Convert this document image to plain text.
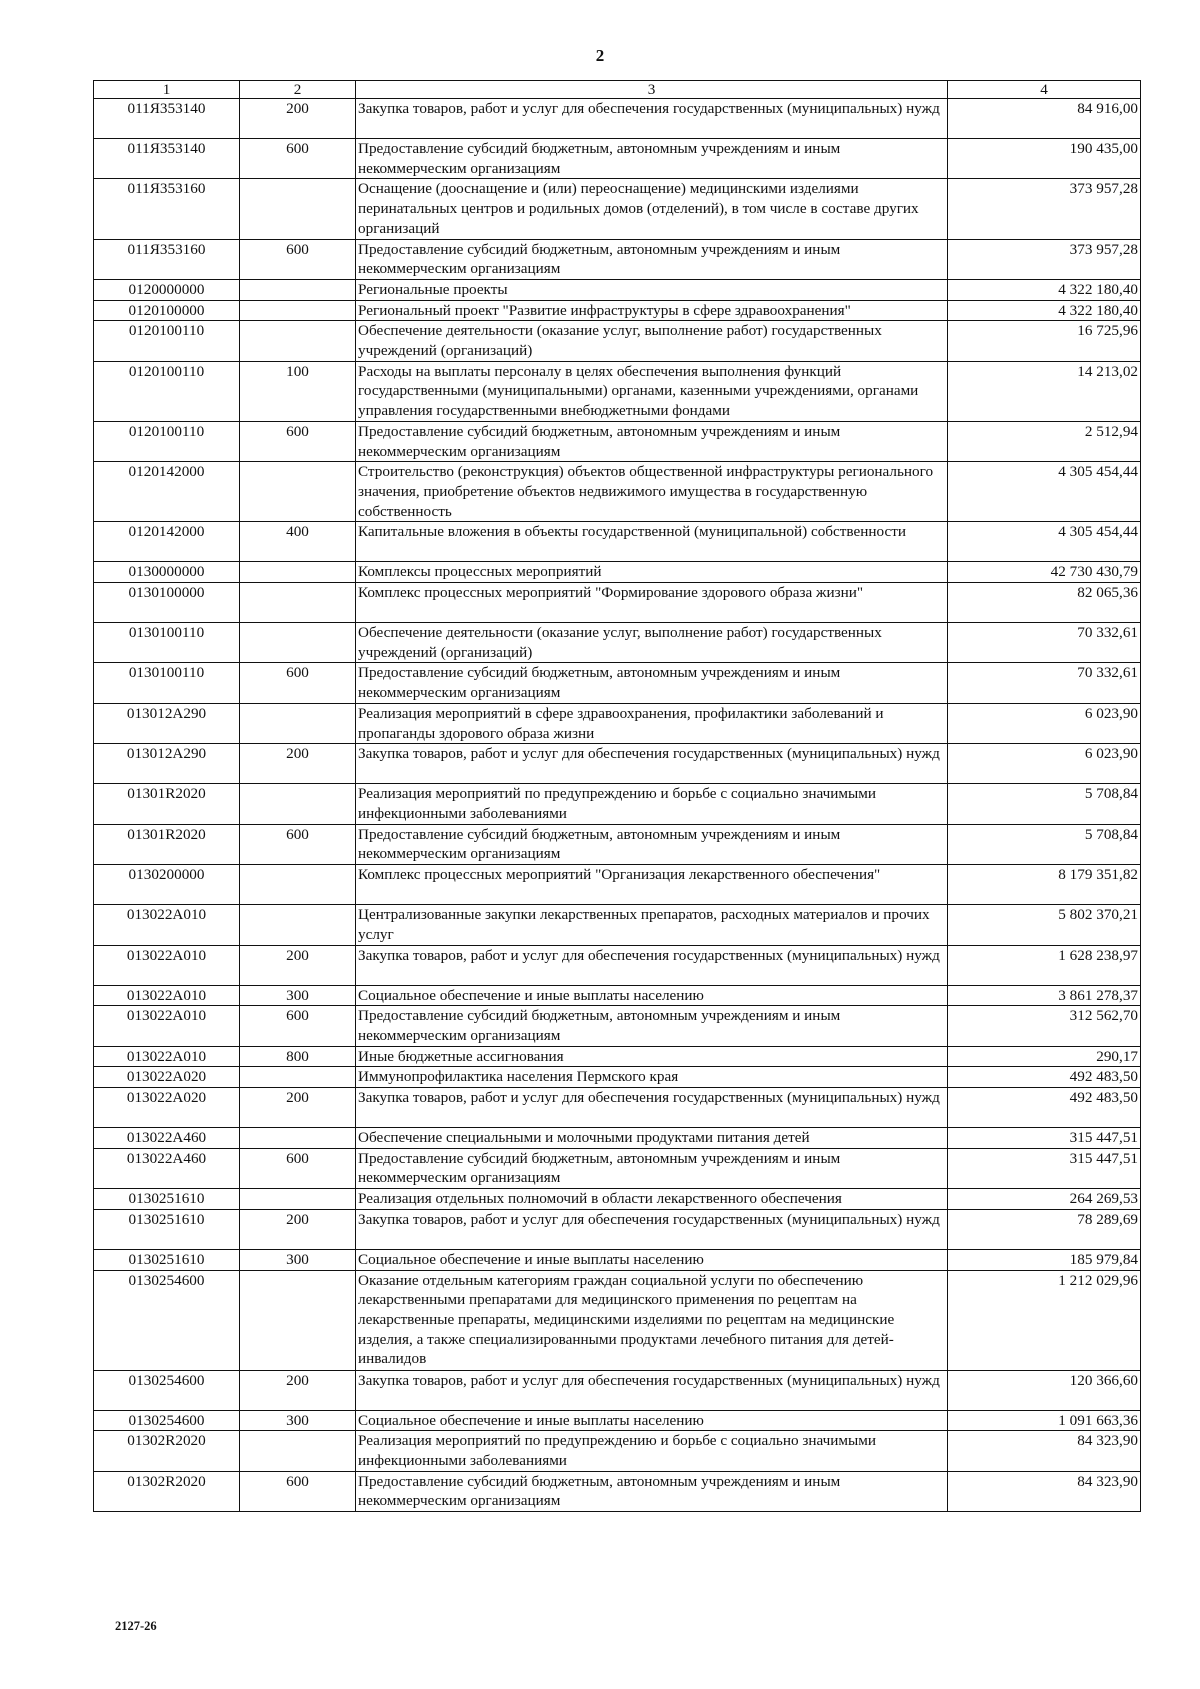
2
1	2	3	4
011Я353140	200	Закупка товаров, работ и услуг для обеспечения государственных (муниципальных) нужд	84 916,00
011Я353140	600	Предоставление субсидий бюджетным, автономным учреждениям и иным некоммерческим организациям	190 435,00
011Я353160		Оснащение (дооснащение и (или) переоснащение) медицинскими изделиями перинатальных центров и родильных домов (отделений), в том числе в составе других организаций	373 957,28
011Я353160	600	Предоставление субсидий бюджетным, автономным учреждениям и иным некоммерческим организациям	373 957,28
0120000000		Региональные проекты	4 322 180,40
0120100000		Региональный проект "Развитие инфраструктуры в сфере здравоохранения"	4 322 180,40
0120100110		Обеспечение деятельности (оказание услуг, выполнение работ) государственных учреждений (организаций)	16 725,96
0120100110	100	Расходы на выплаты персоналу в целях обеспечения выполнения функций государственными (муниципальными) органами, казенными учреждениями, органами управления государственными внебюджетными фондами	14 213,02
0120100110	600	Предоставление субсидий бюджетным, автономным учреждениям и иным некоммерческим организациям	2 512,94
0120142000		Строительство (реконструкция) объектов общественной инфраструктуры регионального значения, приобретение объектов недвижимого имущества в государственную собственность	4 305 454,44
0120142000	400	Капитальные вложения в объекты государственной (муниципальной) собственности	4 305 454,44
0130000000		Комплексы процессных мероприятий	42 730 430,79
0130100000		Комплекс процессных мероприятий "Формирование здорового образа жизни"	82 065,36
0130100110		Обеспечение деятельности (оказание услуг, выполнение работ) государственных учреждений (организаций)	70 332,61
0130100110	600	Предоставление субсидий бюджетным, автономным учреждениям и иным некоммерческим организациям	70 332,61
013012A290		Реализация мероприятий в сфере здравоохранения, профилактики заболеваний и пропаганды здорового образа жизни	6 023,90
013012A290	200	Закупка товаров, работ и услуг для обеспечения государственных (муниципальных) нужд	6 023,90
01301R2020		Реализация мероприятий по предупреждению и борьбе с социально значимыми инфекционными заболеваниями	5 708,84
01301R2020	600	Предоставление субсидий бюджетным, автономным учреждениям и иным некоммерческим организациям	5 708,84
0130200000		Комплекс процессных мероприятий "Организация лекарственного обеспечения"	8 179 351,82
013022A010		Централизованные закупки лекарственных препаратов, расходных материалов и прочих услуг	5 802 370,21
013022A010	200	Закупка товаров, работ и услуг для обеспечения государственных (муниципальных) нужд	1 628 238,97
013022A010	300	Социальное обеспечение и иные выплаты населению	3 861 278,37
013022A010	600	Предоставление субсидий бюджетным, автономным учреждениям и иным некоммерческим организациям	312 562,70
013022A010	800	Иные бюджетные ассигнования	290,17
013022A020		Иммунопрофилактика населения Пермского края	492 483,50
013022A020	200	Закупка товаров, работ и услуг для обеспечения государственных (муниципальных) нужд	492 483,50
013022A460		Обеспечение специальными и молочными продуктами питания детей	315 447,51
013022A460	600	Предоставление субсидий бюджетным, автономным учреждениям и иным некоммерческим организациям	315 447,51
0130251610		Реализация отдельных полномочий в области лекарственного обеспечения	264 269,53
0130251610	200	Закупка товаров, работ и услуг для обеспечения государственных (муниципальных) нужд	78 289,69
0130251610	300	Социальное обеспечение и иные выплаты населению	185 979,84
0130254600		Оказание отдельным категориям граждан социальной услуги по обеспечению лекарственными препаратами для медицинского применения по рецептам на лекарственные препараты, медицинскими изделиями по рецептам на медицинские изделия, а также специализированными продуктами лечебного питания для детей-инвалидов	1 212 029,96
0130254600	200	Закупка товаров, работ и услуг для обеспечения государственных (муниципальных) нужд	120 366,60
0130254600	300	Социальное обеспечение и иные выплаты населению	1 091 663,36
01302R2020		Реализация мероприятий по предупреждению и борьбе с социально значимыми инфекционными заболеваниями	84 323,90
01302R2020	600	Предоставление субсидий бюджетным, автономным учреждениям и иным некоммерческим организациям	84 323,90
2127-26
